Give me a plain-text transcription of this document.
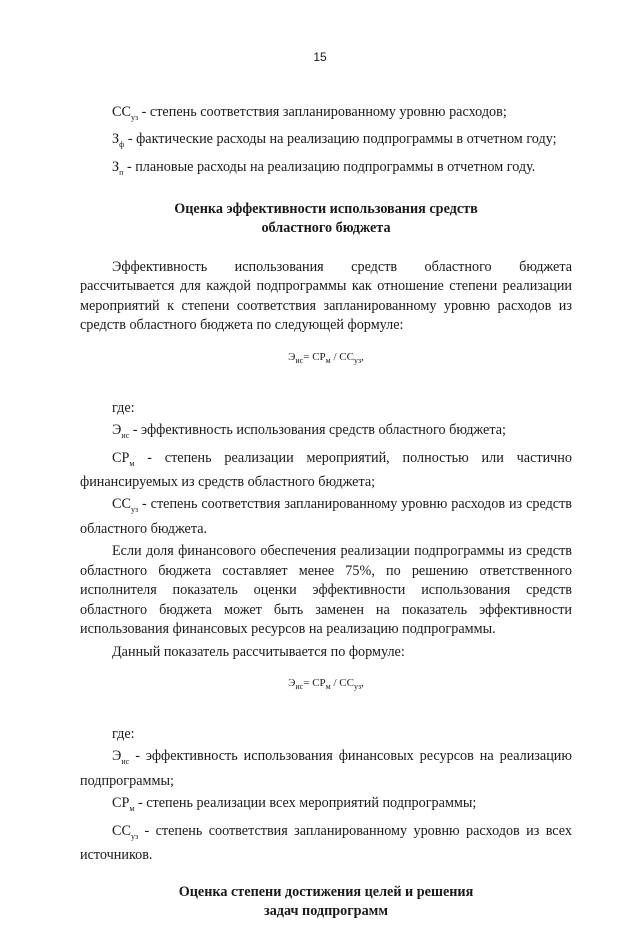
15

$СС_{уз}$ - степень соответствия запланированному уровню расходов;

$З_ф$ - фактические расходы на реализацию подпрограммы в отчетном году;

$З_п$ - плановые расходы на реализацию подпрограммы в отчетном году.

Оценка эффективности использования средств
областного бюджета

Эффективность использования средств областного бюджета рассчитывается для каждой подпрограммы как отношение степени реализации мероприятий к степени соответствия запланированному уровню расходов из средств областного бюджета по следующей формуле:

$Э_{ис}= СР_м / СС_{уз}$,

где:

$Э_{ис}$ - эффективность использования средств областного бюджета;

$СР_м$ - степень реализации мероприятий, полностью или частично финансируемых из средств областного бюджета;

$СС_{уз}$ - степень соответствия запланированному уровню расходов из средств областного бюджета.

Если доля финансового обеспечения реализации подпрограммы из средств областного бюджета составляет менее 75%, по решению ответственного исполнителя показатель оценки эффективности использования средств областного бюджета может быть заменен на показатель эффективности использования финансовых ресурсов на реализацию подпрограммы.

Данный показатель рассчитывается по формуле:

$Э_{ис}= СР_м / СС_{уз}$,

где:

$Э_{ис}$ - эффективность использования финансовых ресурсов на реализацию подпрограммы;

$СР_м$ - степень реализации всех мероприятий подпрограммы;

$СС_{уз}$ - степень соответствия запланированному уровню расходов из всех источников.

Оценка степени достижения целей и решения
задач подпрограмм
